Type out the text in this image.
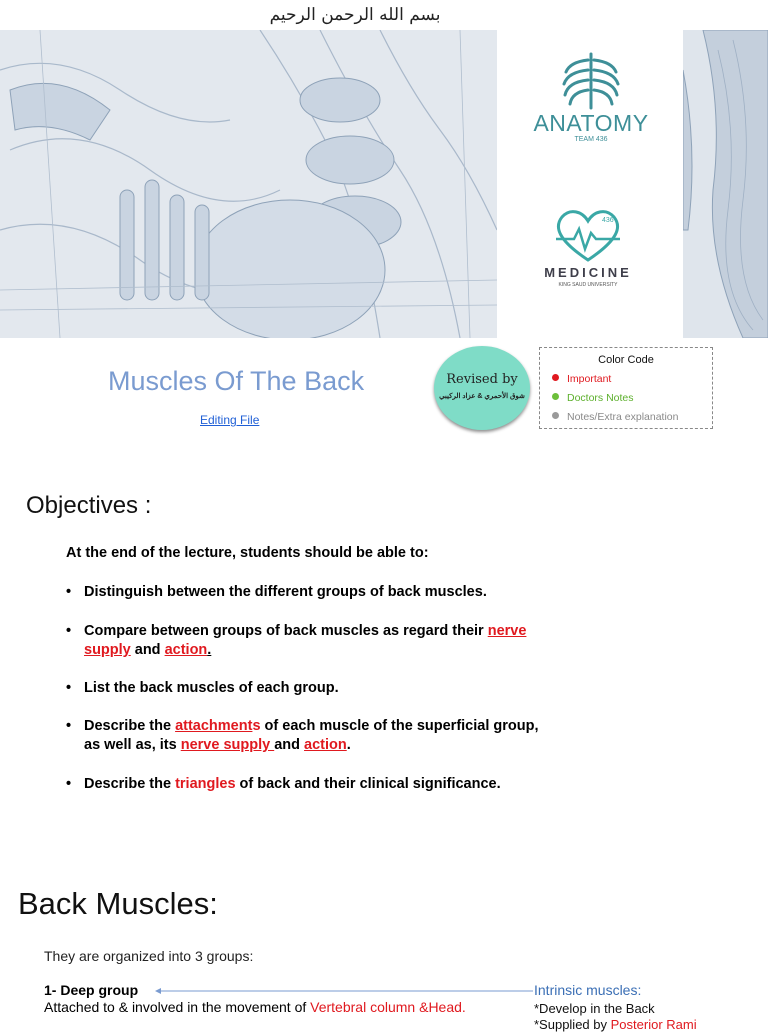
بسم الله الرحمن الرحيم
ANATOMY
TEAM 436
436
MEDICINE
KING SAUD UNIVERSITY
Muscles Of The Back
Editing File
Revised by
شوق الأحمري & عزاد الركيبي
Color Code
Important
Doctors Notes
Notes/Extra explanation
Objectives :
At the end of the lecture, students should be able to:
• Distinguish between the different groups of back muscles.
• Compare between groups of back muscles as regard their nerve
supply and action.
• List the back muscles of each group.
• Describe the attachments of each muscle of the superficial group,
as well as, its nerve supply and action.
• Describe the triangles of back and their clinical significance.
Back Muscles:
They are organized into 3 groups:
1- Deep group
Attached to & involved in the movement of Vertebral column &Head.
Intrinsic muscles:
*Develop in the Back
*Supplied by Posterior Rami
